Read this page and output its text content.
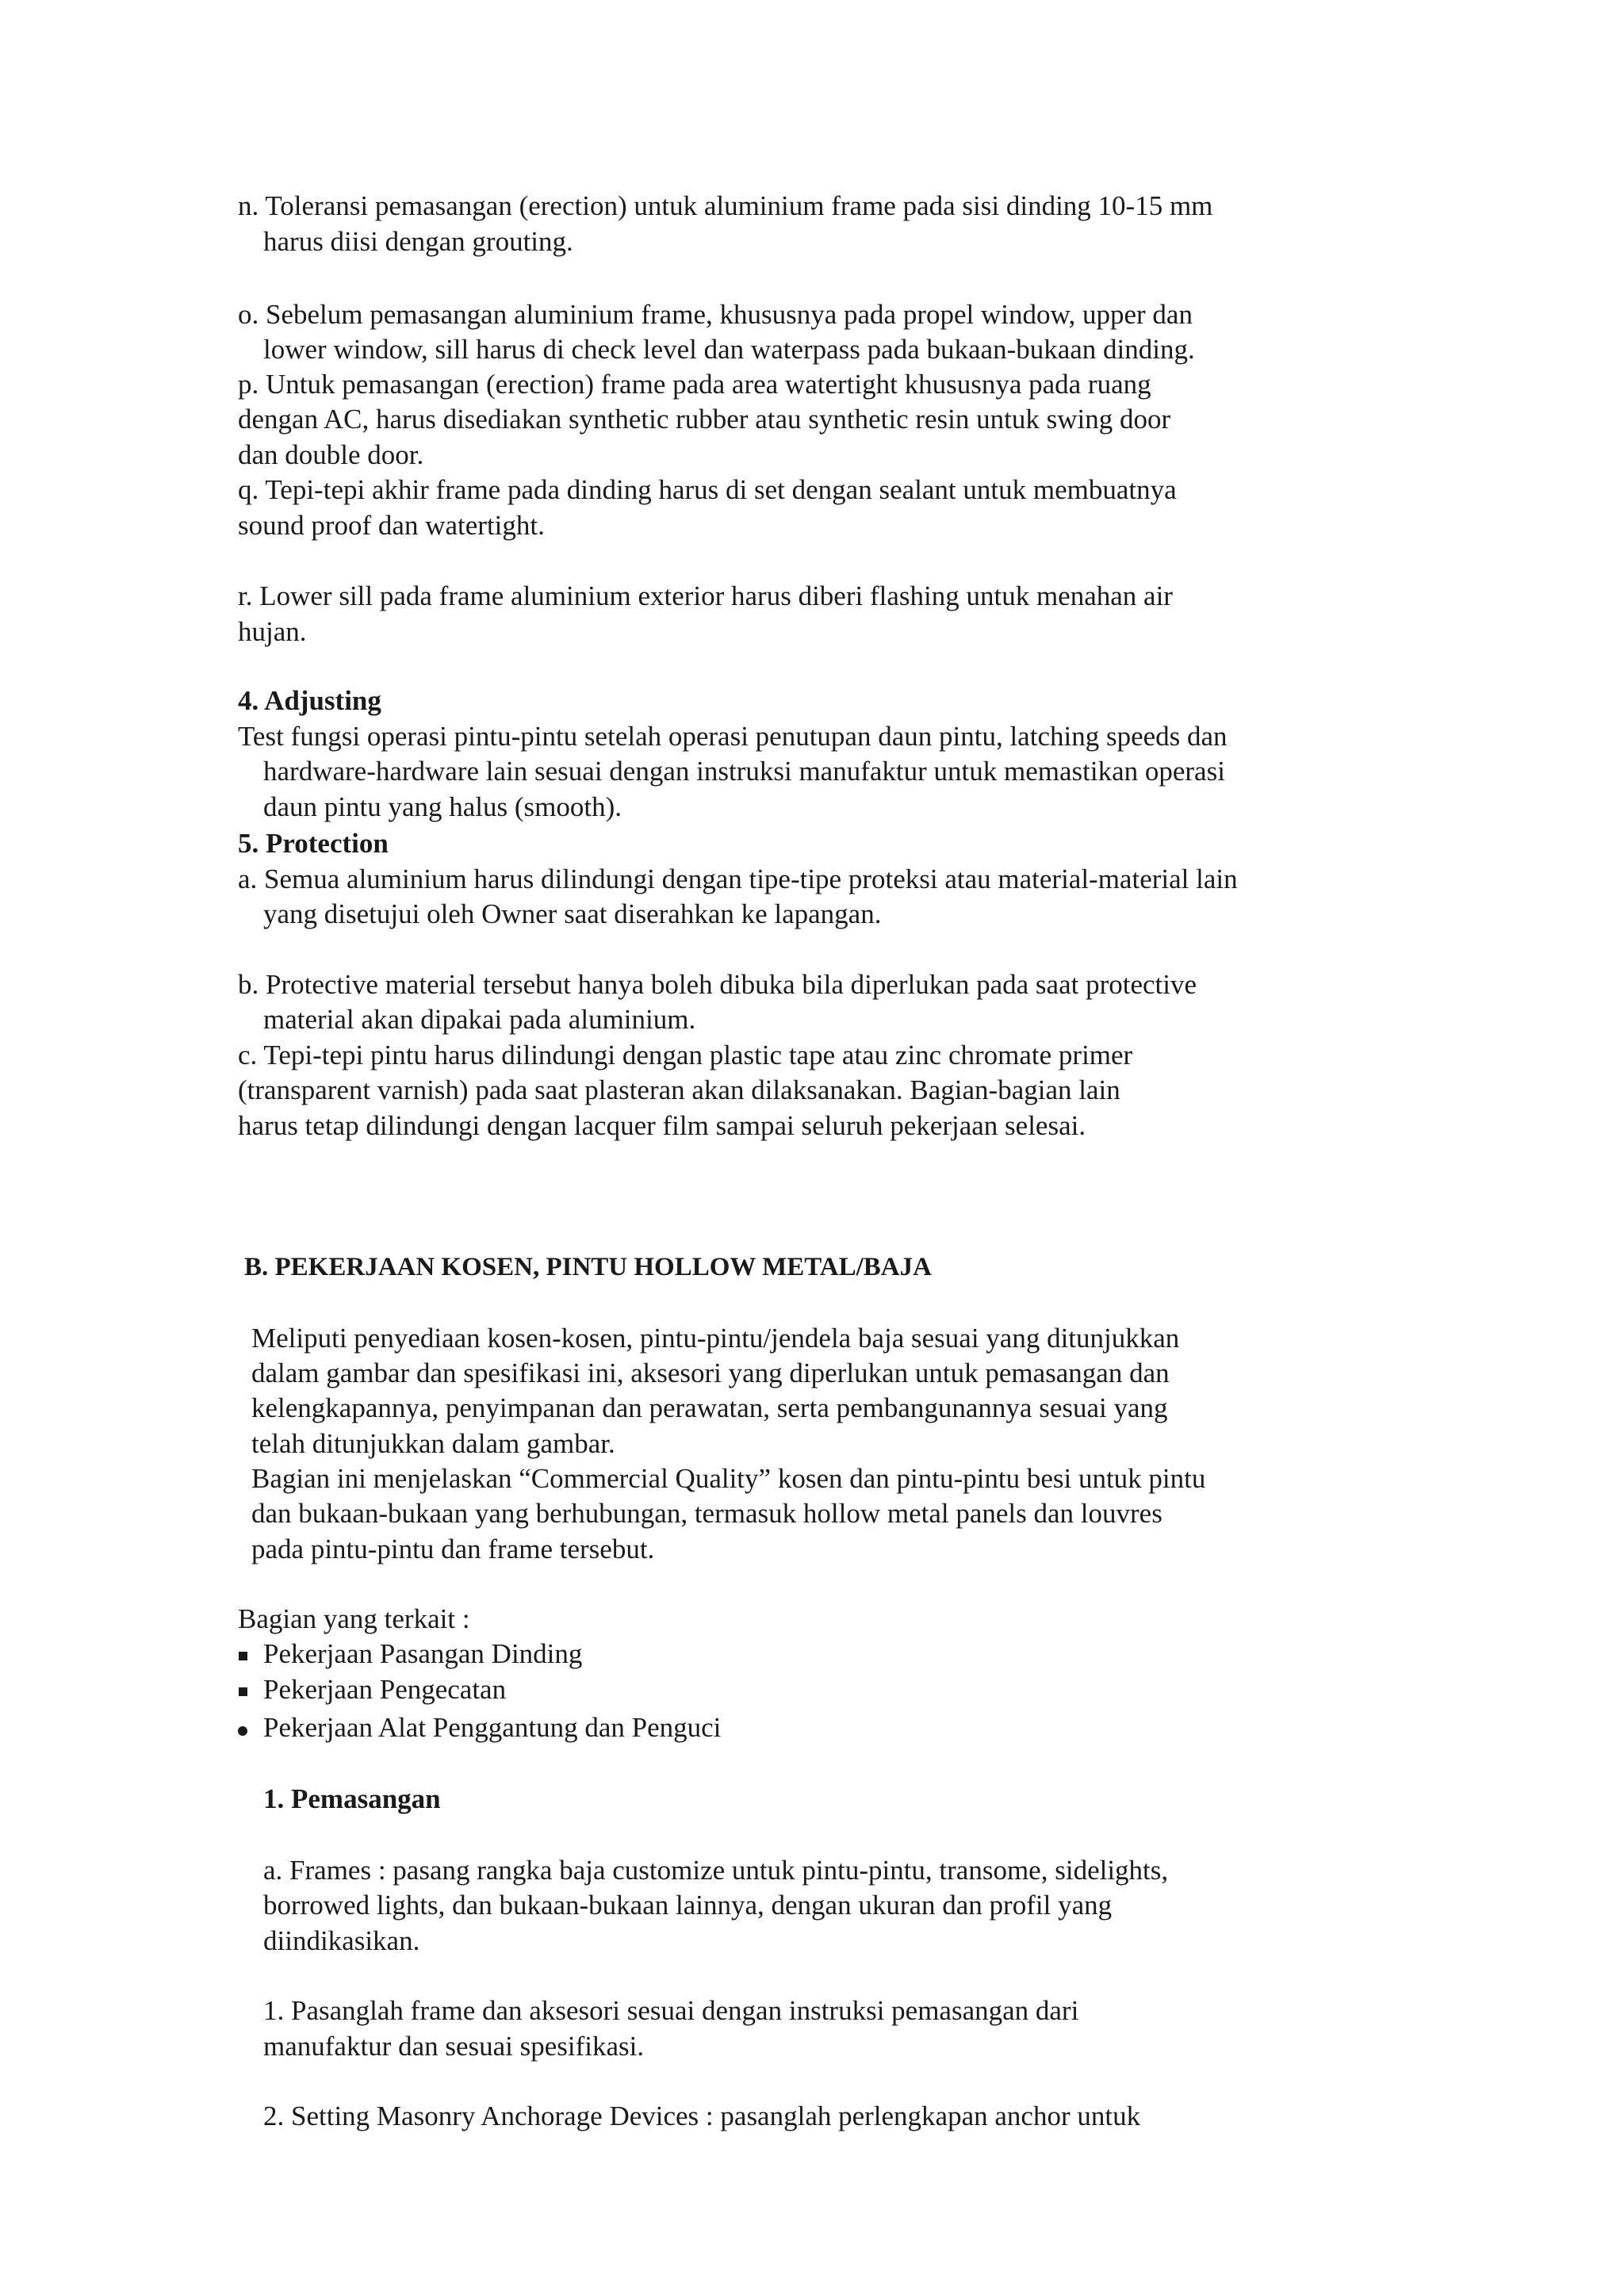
n. Toleransi pemasangan (erection) untuk aluminium frame pada sisi dinding 10-15 mm

harus diisi dengan grouting.

o. Sebelum pemasangan aluminium frame, khususnya pada propel window, upper dan

lower window, sill harus di check level dan waterpass pada bukaan-bukaan dinding.

p. Untuk pemasangan (erection) frame pada area watertight khususnya pada ruang

dengan AC, harus disediakan synthetic rubber atau synthetic resin untuk swing door

dan double door.

q. Tepi-tepi akhir frame pada dinding harus di set dengan sealant untuk membuatnya

sound proof dan watertight.

r. Lower sill pada frame aluminium exterior harus diberi flashing untuk menahan air

hujan.

4. Adjusting

Test fungsi operasi pintu-pintu setelah operasi penutupan daun pintu, latching speeds dan

hardware-hardware lain sesuai dengan instruksi manufaktur untuk memastikan operasi

daun pintu yang halus (smooth).

5. Protection

a. Semua aluminium harus dilindungi dengan tipe-tipe proteksi atau material-material lain

yang disetujui oleh Owner saat diserahkan ke lapangan.

b. Protective material tersebut hanya boleh dibuka bila diperlukan pada saat protective

material akan dipakai pada aluminium.

c. Tepi-tepi pintu harus dilindungi dengan plastic tape atau zinc chromate primer

(transparent varnish) pada saat plasteran akan dilaksanakan. Bagian-bagian lain

harus tetap dilindungi dengan lacquer film sampai seluruh pekerjaan selesai.

B. PEKERJAAN KOSEN, PINTU HOLLOW METAL/BAJA

Meliputi penyediaan kosen-kosen, pintu-pintu/jendela baja sesuai yang ditunjukkan

dalam gambar dan spesifikasi ini, aksesori yang diperlukan untuk pemasangan dan

kelengkapannya, penyimpanan dan perawatan, serta pembangunannya sesuai yang

telah ditunjukkan dalam gambar.

Bagian ini menjelaskan “Commercial Quality” kosen dan pintu-pintu besi untuk pintu

dan bukaan-bukaan yang berhubungan, termasuk hollow metal panels dan louvres

pada pintu-pintu dan frame tersebut.

Bagian yang terkait :

Pekerjaan Pasangan Dinding

Pekerjaan Pengecatan

Pekerjaan Alat Penggantung dan Penguci

1. Pemasangan

a. Frames : pasang rangka baja customize untuk pintu-pintu, transome, sidelights,

borrowed lights, dan bukaan-bukaan lainnya, dengan ukuran dan profil yang

diindikasikan.

1. Pasanglah frame dan aksesori sesuai dengan instruksi pemasangan dari

manufaktur dan sesuai spesifikasi.

2. Setting Masonry Anchorage Devices : pasanglah perlengkapan anchor untuk
